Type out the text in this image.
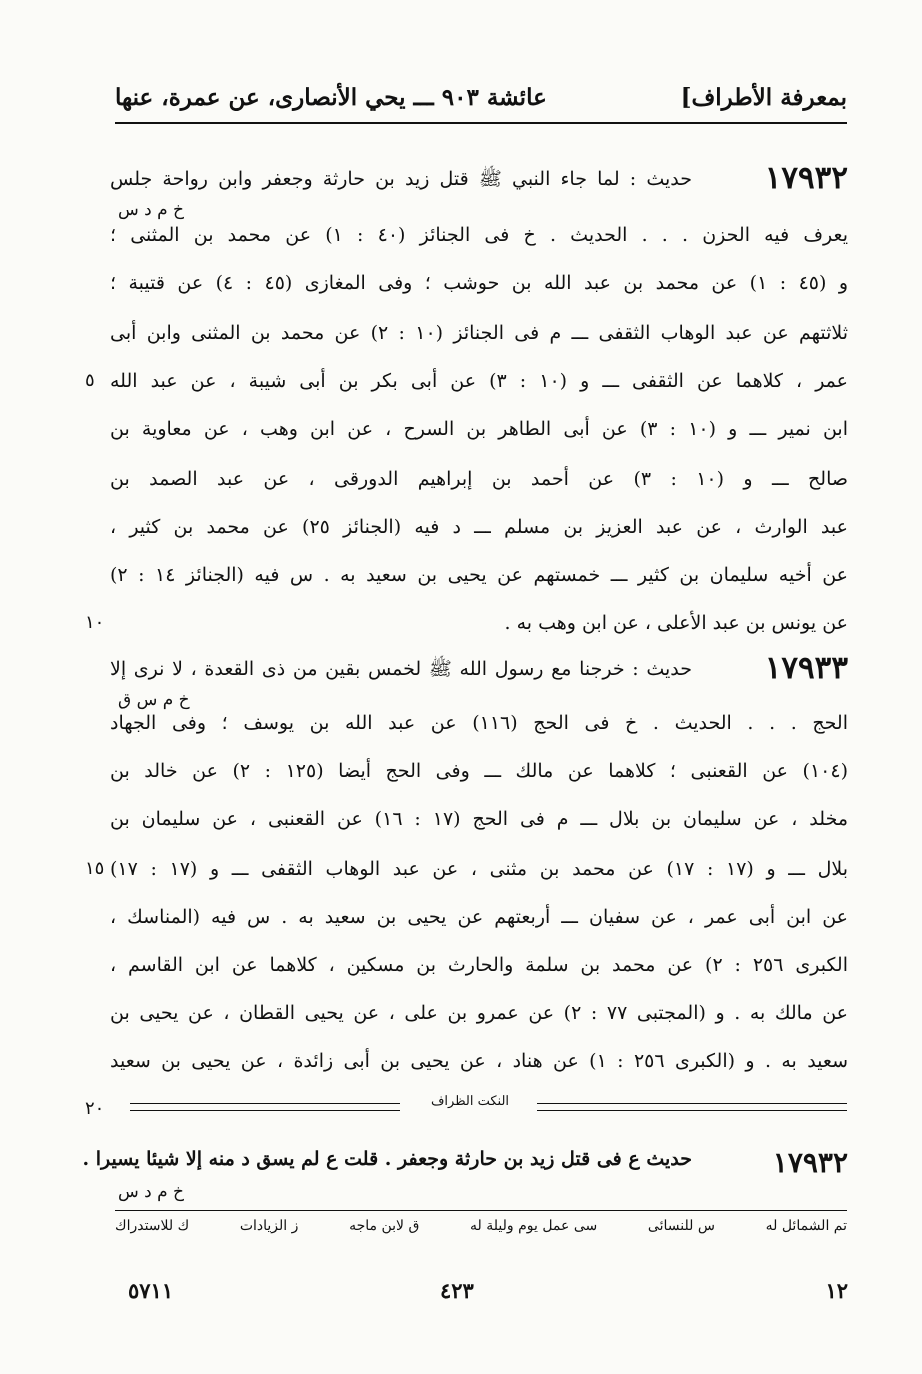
بمعرفة الأطراف]
عائشة ٩٠٣ ـــ يحي الأنصارى، عن عمرة، عنها
١٧٩٣٢
خ م د س
حديث : لما جاء النبي ﷺ قتل زيد بن حارثة وجعفر وابن رواحة جلس
يعرف فيه الحزن . . . الحديث . خ فى الجنائز (٤٠ : ١) عن محمد بن المثنى ؛
و (٤٥ : ١) عن محمد بن عبد الله بن حوشب ؛ وفى المغازى (٤٥ : ٤) عن قتيبة ؛
ثلاثتهم عن عبد الوهاب الثقفى ـــ م فى الجنائز (١٠ : ٢) عن محمد بن المثنى وابن أبى
عمر ، كلاهما عن الثقفى ـــ و (١٠ : ٣) عن أبى بكر بن أبى شيبة ، عن عبد الله
ابن نمير ـــ و (١٠ : ٣) عن أبى الطاهر بن السرح ، عن ابن وهب ، عن معاوية بن
صالح ـــ و (١٠ : ٣) عن أحمد بن إبراهيم الدورقى ، عن عبد الصمد بن
عبد الوارث ، عن عبد العزيز بن مسلم ـــ د فيه (الجنائز ٢٥) عن محمد بن كثير ،
عن أخيه سليمان بن كثير ـــ خمستهم عن يحيى بن سعيد به . س فيه (الجنائز ١٤ : ٢)
عن يونس بن عبد الأعلى ، عن ابن وهب به .
١٧٩٣٣
خ م س ق
حديث : خرجنا مع رسول الله ﷺ لخمس بقين من ذى القعدة ، لا نرى إلا
الحج . . . الحديث . خ فى الحج (١١٦) عن عبد الله بن يوسف ؛ وفى الجهاد
(١٠٤) عن القعنبى ؛ كلاهما عن مالك ـــ وفى الحج أيضا (١٢٥ : ٢) عن خالد بن
مخلد ، عن سليمان بن بلال ـــ م فى الحج (١٧ : ١٦) عن القعنبى ، عن سليمان بن
بلال ـــ و (١٧ : ١٧) عن محمد بن مثنى ، عن عبد الوهاب الثقفى ـــ و (١٧ : ١٧)
عن ابن أبى عمر ، عن سفيان ـــ أربعتهم عن يحيى بن سعيد به . س فيه (المناسك ،
الكبرى ٢٥٦ : ٢) عن محمد بن سلمة والحارث بن مسكين ، كلاهما عن ابن القاسم ،
عن مالك به . و (المجتبى ٧٧ : ٢) عن عمرو بن على ، عن يحيى القطان ، عن يحيى بن
سعيد به . و (الكبرى ٢٥٦ : ١) عن هناد ، عن يحيى بن أبى زائدة ، عن يحيى بن سعيد
٥
١٠
١٥
٢٠	النكت الظراف
١٧٩٣٢
حديث ع فى قتل زيد بن حارثة وجعفر . قلت ع لم يسق د منه إلا شيئا يسيرا .
خ م د س
تم الشمائل له
س للنسائى
سى عمل يوم وليلة له
ق لابن ماجه
ز الزيادات
ك للاستدراك
١٢
٤٢٣
٥٧١١
